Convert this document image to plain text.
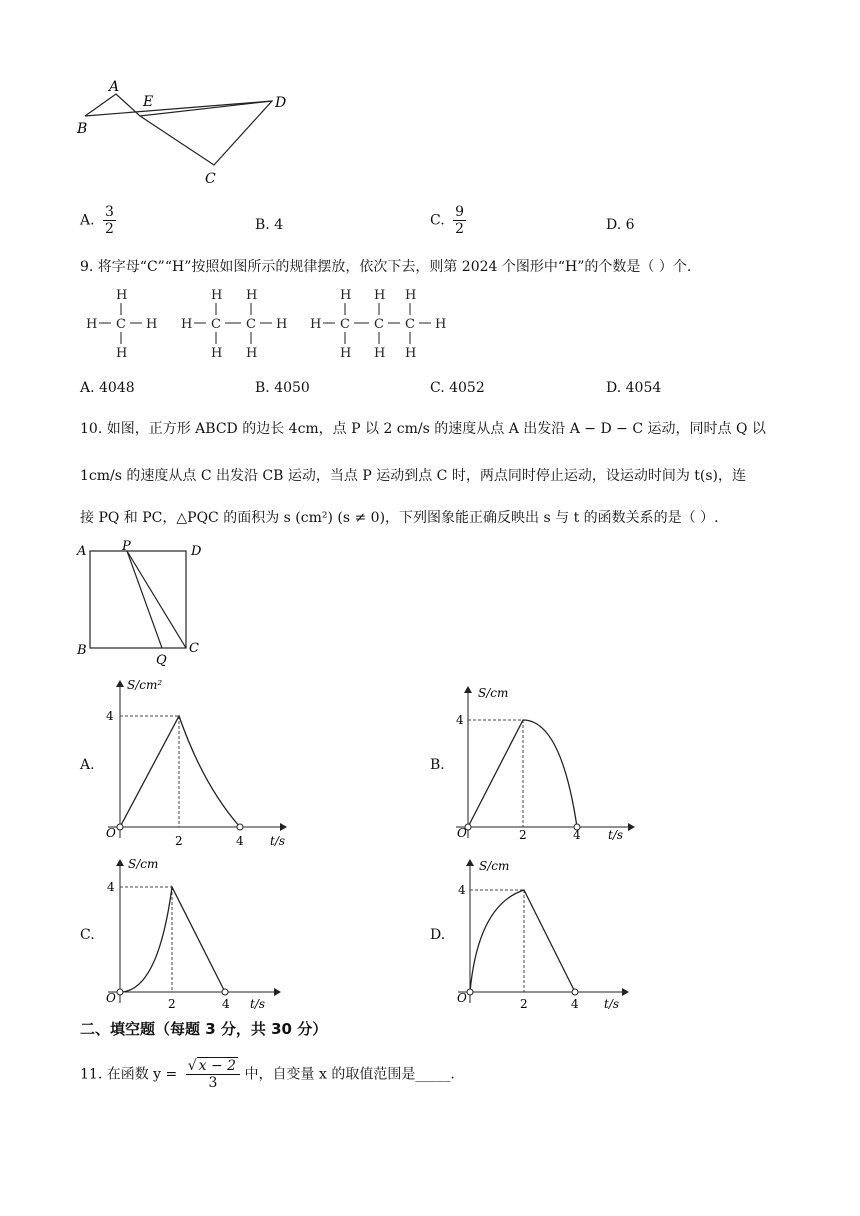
A
E
B
D
C
A. $\frac{3}{2}$	B. 4	C. $\frac{9}{2}$	D. 6
9. 将字母“C”“H”按照如图所示的规律摆放，依次下去，则第 2024 个图形中“H”的个数是（ ）个.
H
H C H
H
H H
H C C H
H H
H H H
H C C C H
H H H
A. 4048	B. 4050	C. 4052	D. 4054
10. 如图，正方形 ABCD 的边长 4cm，点 P 以 2 cm/s 的速度从点 A 出发沿 A − D − C 运动，同时点 Q 以
1cm/s 的速度从点 C 出发沿 CB 运动，当点 P 运动到点 C 时，两点同时停止运动，设运动时间为 t(s)，连
接 PQ 和 PC，△PQC 的面积为 s (cm²) (s ≠ 0)，下列图象能正确反映出 s 与 t 的函数关系的是（ ）.
A	P	D
B
Q
C
A.	B.
C.	D.
S/cm²
4
O
2	4 t/s
S/cm
4
O	2	4 t/s
S/cm
4
O	2	4 t/s
S/cm
4
O	2	4 t/s
二、填空题（每题 3 分，共 30 分）
11. 在函数 $y = \frac{√ x - 2}{3}$ 中，自变量 x 的取值范围是_____.
